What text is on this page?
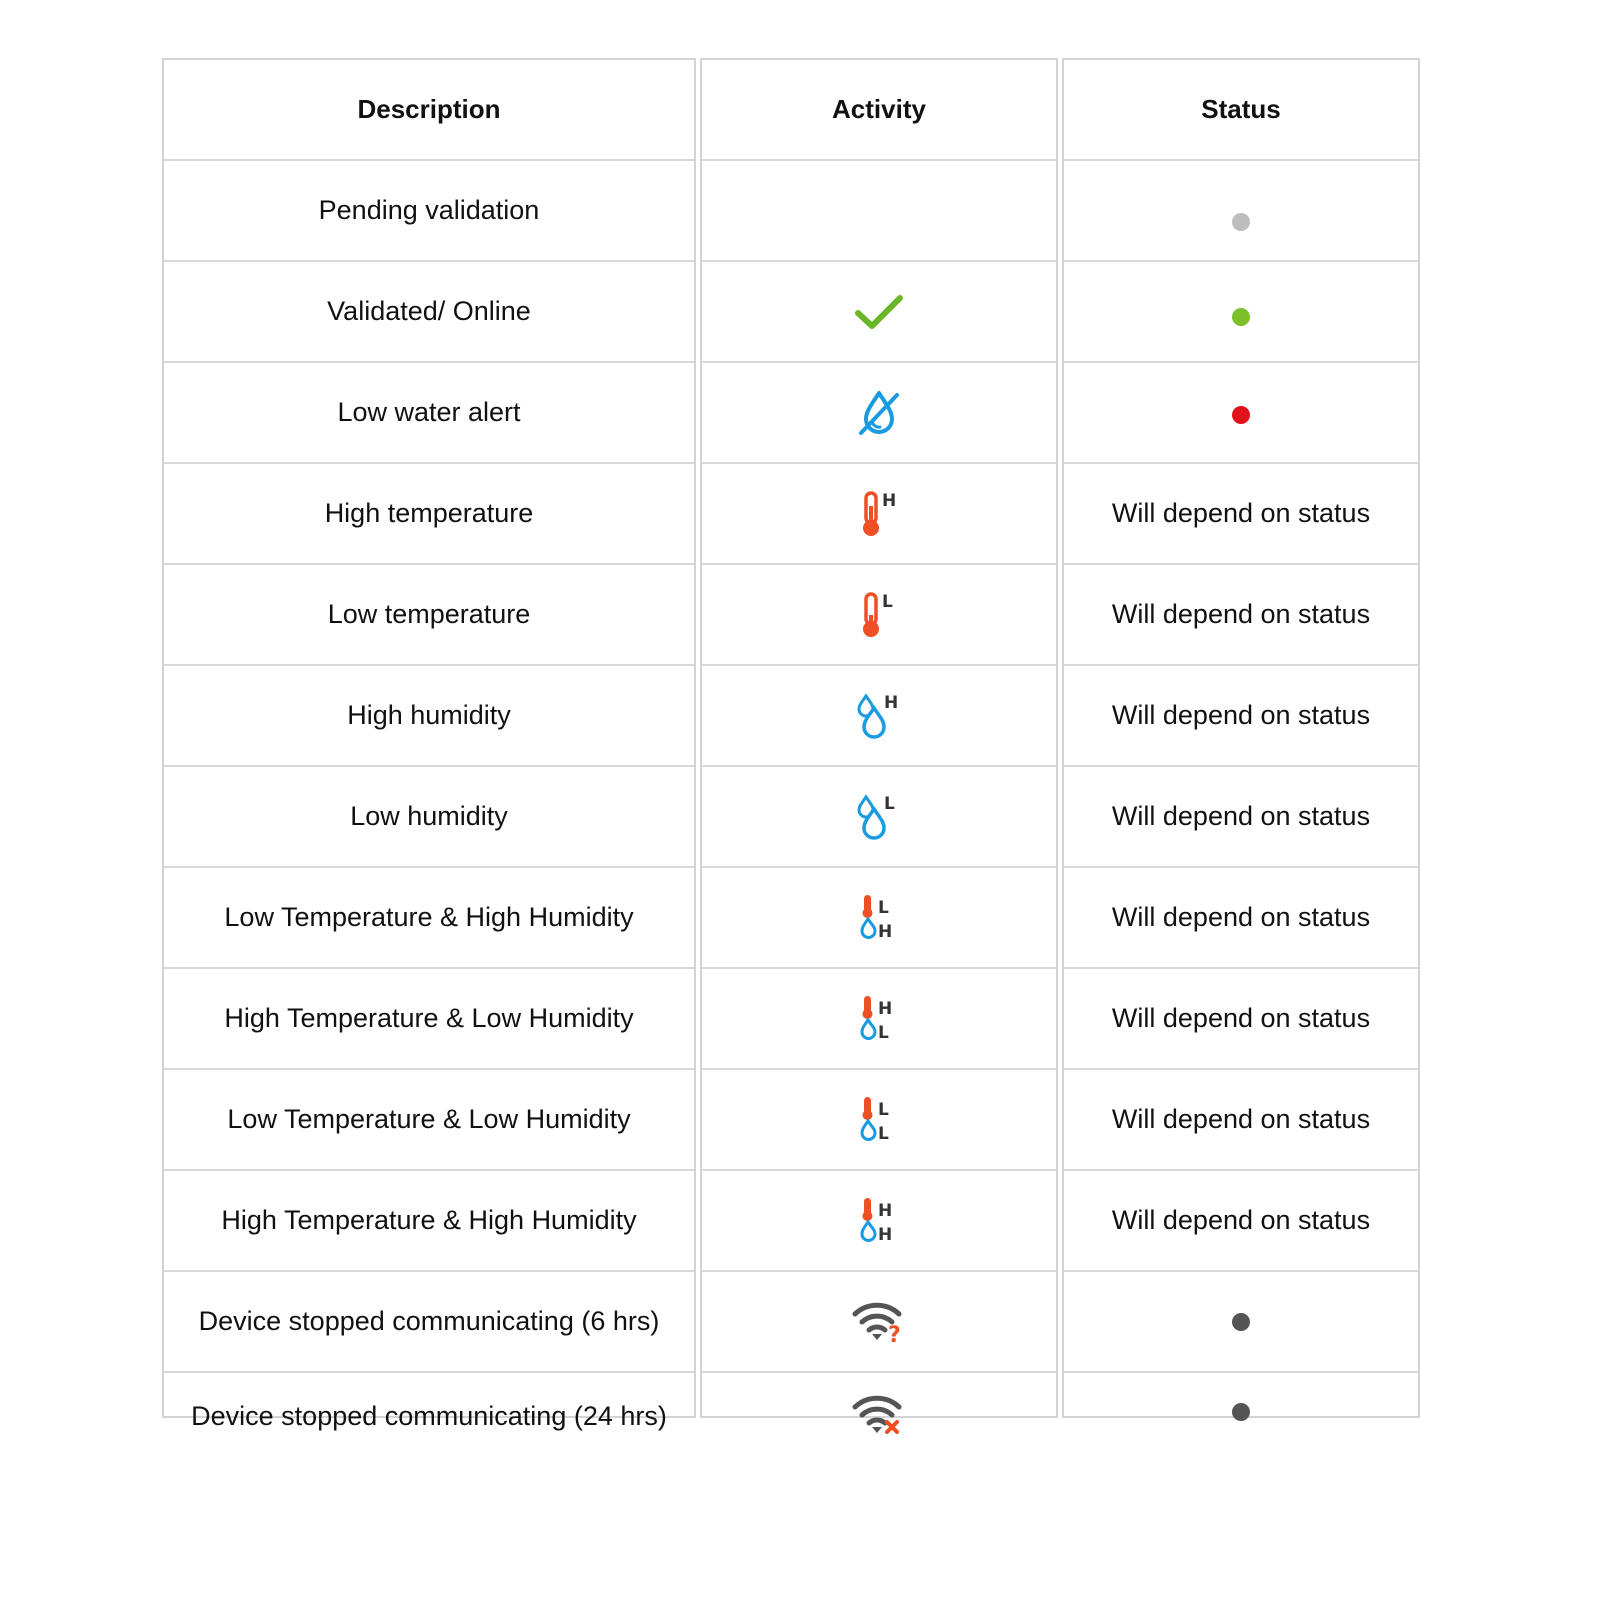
Description
Pending validation
Validated/ Online
Low water alert
High temperature
Low temperature
High humidity
Low humidity
Low Temperature & High Humidity
High Temperature & Low Humidity
Low Temperature & Low Humidity
High Temperature & High Humidity
Device stopped communicating (6 hrs)
Device stopped communicating (24 hrs)
Activity
H
L
H
L
L
H
H
L
L
L
H
H
?
Status
Will depend on status
Will depend on status
Will depend on status
Will depend on status
Will depend on status
Will depend on status
Will depend on status
Will depend on status
